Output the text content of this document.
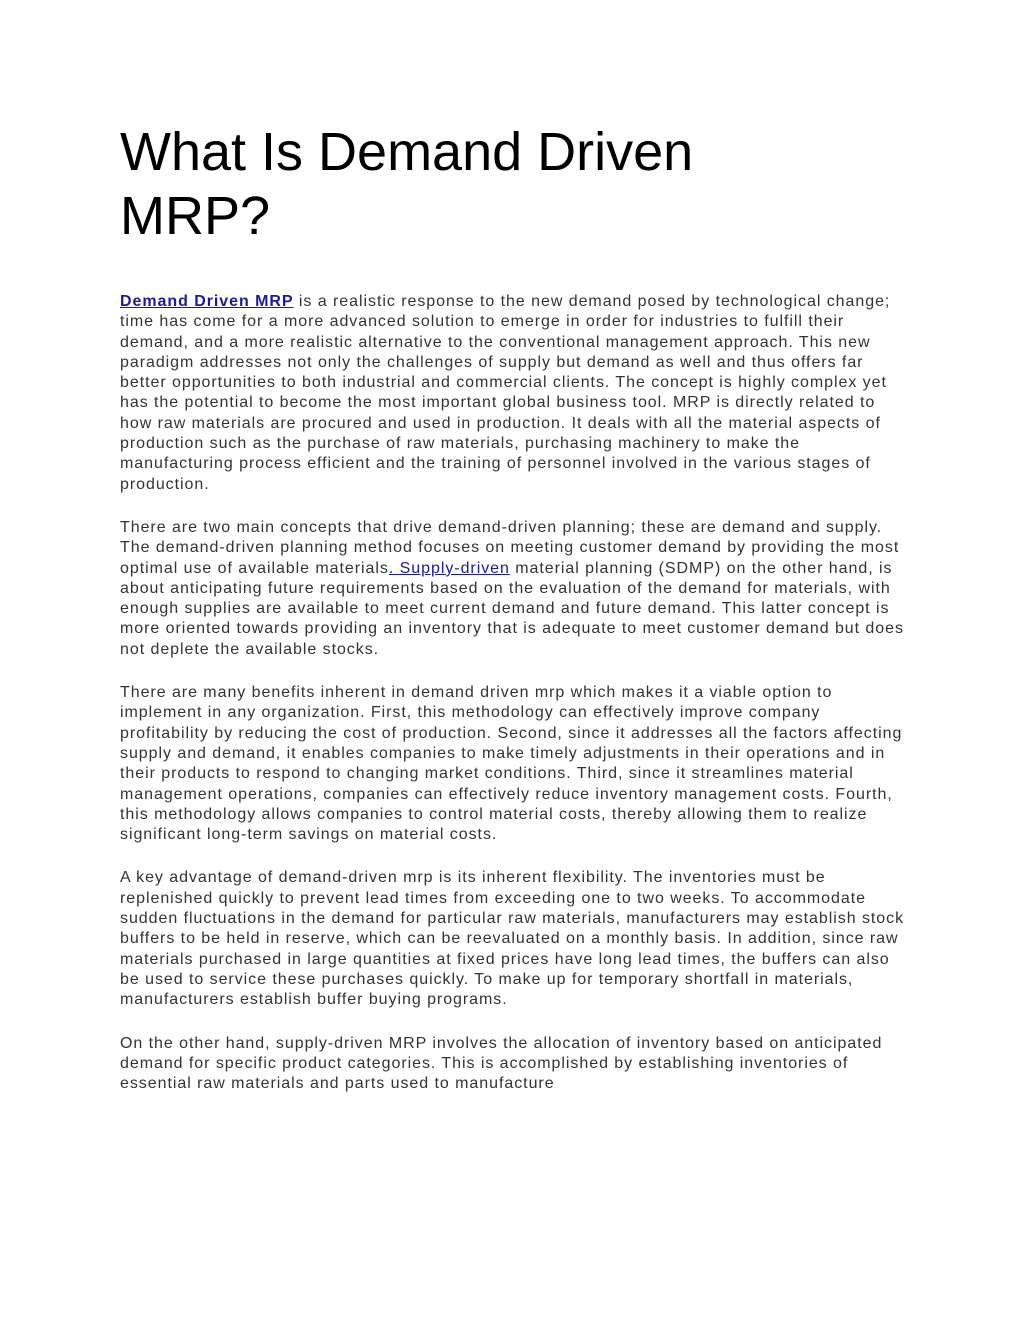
What Is Demand Driven MRP?

Demand Driven MRP is a realistic response to the new demand posed by technological change; time has come for a more advanced solution to emerge in order for industries to fulfill their demand, and a more realistic alternative to the conventional management approach. This new paradigm addresses not only the challenges of supply but demand as well and thus offers far better opportunities to both industrial and commercial clients. The concept is highly complex yet has the potential to become the most important global business tool. MRP is directly related to how raw materials are procured and used in production. It deals with all the material aspects of production such as the purchase of raw materials, purchasing machinery to make the manufacturing process efficient and the training of personnel involved in the various stages of production.

There are two main concepts that drive demand-driven planning; these are demand and supply. The demand-driven planning method focuses on meeting customer demand by providing the most optimal use of available materials. Supply-driven material planning (SDMP) on the other hand, is about anticipating future requirements based on the evaluation of the demand for materials, with enough supplies are available to meet current demand and future demand. This latter concept is more oriented towards providing an inventory that is adequate to meet customer demand but does not deplete the available stocks.

There are many benefits inherent in demand driven mrp which makes it a viable option to implement in any organization. First, this methodology can effectively improve company profitability by reducing the cost of production. Second, since it addresses all the factors affecting supply and demand, it enables companies to make timely adjustments in their operations and in their products to respond to changing market conditions. Third, since it streamlines material management operations, companies can effectively reduce inventory management costs. Fourth, this methodology allows companies to control material costs, thereby allowing them to realize significant long-term savings on material costs.

A key advantage of demand-driven mrp is its inherent flexibility. The inventories must be replenished quickly to prevent lead times from exceeding one to two weeks. To accommodate sudden fluctuations in the demand for particular raw materials, manufacturers may establish stock buffers to be held in reserve, which can be reevaluated on a monthly basis. In addition, since raw materials purchased in large quantities at fixed prices have long lead times, the buffers can also be used to service these purchases quickly. To make up for temporary shortfall in materials, manufacturers establish buffer buying programs.

On the other hand, supply-driven MRP involves the allocation of inventory based on anticipated demand for specific product categories. This is accomplished by establishing inventories of essential raw materials and parts used to manufacture
